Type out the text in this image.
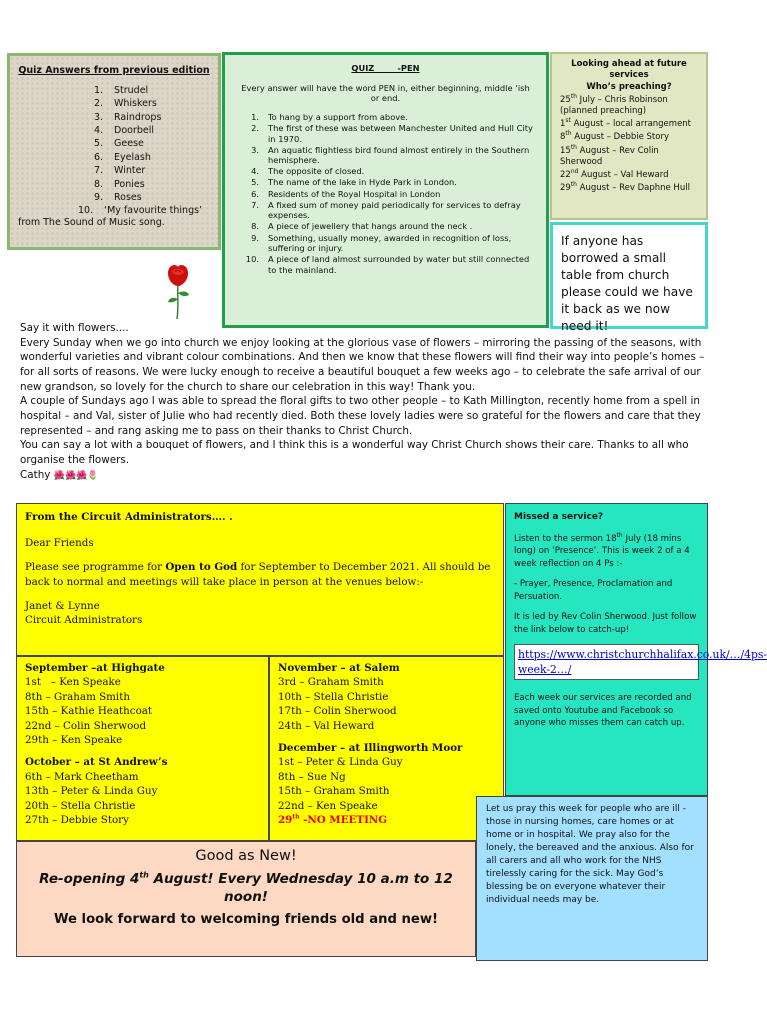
Quiz Answers from previous edition
1. Strudel
2. Whiskers
3. Raindrops
4. Doorbell
5. Geese
6. Eyelash
7. Winter
8. Ponies
9. Roses
10. ‘My favourite things’
from The Sound of Music song.
QUIZ        -PEN
Every answer will have the word PEN in, either beginning, middle ‘ish or end.
1.	To hang by a support from above.
2.	The first of these was between Manchester United and Hull City in 1970.
3.	An aquatic flightless bird found almost entirely in the Southern hemisphere.
4.	The opposite of closed.
5.	The name of the lake in Hyde Park in London.
6.	Residents of the Royal Hospital in London
7.	A fixed sum of money paid periodically for services to defray expenses.
8.	A piece of jewellery that hangs around the neck .
9.	Something, usually money, awarded in recognition of loss, suffering or injury.
10.	A piece of land almost surrounded by water but still connected to the mainland.
Looking ahead at future services
Who’s preaching?
25th July – Chris Robinson (planned preaching)
1st August – local arrangement
8th August – Debbie Story
15th August – Rev Colin Sherwood
22nd August – Val Heward
29th August – Rev Daphne Hull
If anyone has borrowed a small table from church please could we have it back as we now need it!

Say it with flowers....

Every Sunday when we go into church we enjoy looking at the glorious vase of flowers – mirroring the passing of the seasons, with wonderful varieties and vibrant colour combinations. And then we know that these flowers will find their way into people’s homes – for all sorts of reasons. We were lucky enough to receive a beautiful bouquet a few weeks ago – to celebrate the safe arrival of our new grandson, so lovely for the church to share our celebration in this way! Thank you.

A couple of Sundays ago I was able to spread the floral gifts to two other people – to Kath Millington, recently home from a spell in hospital – and Val, sister of Julie who had recently died. Both these lovely ladies were so grateful for the flowers and care that they represented – and rang asking me to pass on their thanks to Christ Church.

You can say a lot with a bouquet of flowers, and I think this is a wonderful way Christ Church shows their care. Thanks to all who organise the flowers.

Cathy 🌺🌺🌺🌷

From the Circuit Administrators…. .

Dear Friends

Please see programme for Open to God for September to December 2021. All should be back to normal and meetings will take place in person at the venues below:-

Janet & Lynne
Circuit Administrators
September –at Highgate
1st   – Ken Speake
8th – Graham Smith
15th – Kathie Heathcoat
22nd – Colin Sherwood
29th – Ken Speake
October – at St Andrew’s
6th – Mark Cheetham
13th – Peter & Linda Guy
20th – Stella Christie
27th – Debbie Story
November – at Salem
3rd – Graham Smith
10th – Stella Christie
17th – Colin Sherwood
24th – Val Heward
December – at Illingworth Moor
1st – Peter & Linda Guy
8th – Sue Ng
15th – Graham Smith
22nd – Ken Speake
29th -NO MEETING
Missed a service?

Listen to the sermon 18th July (18 mins long) on ‘Presence’. This is week 2 of a 4 week reflection on 4 Ps :-

- Prayer, Presence, Proclamation and Persuation.

It is led by Rev Colin Sherwood. Just follow the link below to catch-up!

https://www.christchurchhalifax.co.uk/…/4ps-week-2…/

Each week our services are recorded and saved onto Youtube and Facebook so anyone who misses them can catch up.

Let us pray this week for people who are ill - those in nursing homes, care homes or at home or in hospital. We pray also for the lonely, the bereaved and the anxious. Also for all carers and all who work for the NHS tirelessly caring for the sick. May God’s blessing be on everyone whatever their individual needs may be.
Good as New!
Re-opening 4th August! Every Wednesday 10 a.m to 12 noon!
We look forward to welcoming friends old and new!
